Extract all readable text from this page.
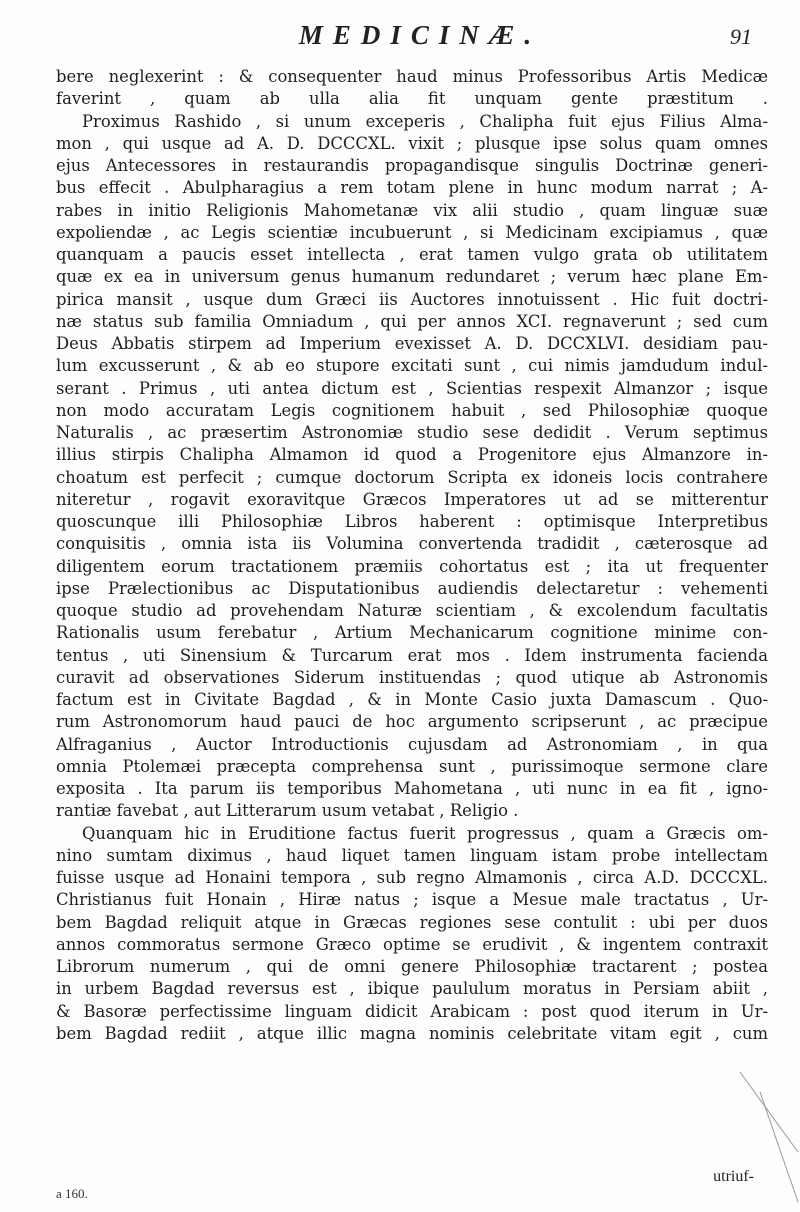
MEDICINÆ.	91
bere neglexerint : & consequenter haud minus Professoribus Artis Medicæ
faverint , quam ab ulla alia fit unquam gente præstitum .
Proximus Rashido , si unum exceperis , Chalipha fuit ejus Filius Alma-
mon , qui usque ad A. D. DCCCXL. vixit ; plusque ipse solus quam omnes
ejus Antecessores in restaurandis propagandisque singulis Doctrinæ generi-
bus effecit . Abulpharagius a rem totam plene in hunc modum narrat ; A-
rabes in initio Religionis Mahometanæ vix alii studio , quam linguæ suæ
expoliendæ , ac Legis scientiæ incubuerunt , si Medicinam excipiamus , quæ
quanquam a paucis esset intellecta , erat tamen vulgo grata ob utilitatem
quæ ex ea in universum genus humanum redundaret ; verum hæc plane Em-
pirica mansit , usque dum Græci iis Auctores innotuissent . Hic fuit doctri-
næ status sub familia Omniadum , qui per annos XCI. regnaverunt ; sed cum
Deus Abbatis stirpem ad Imperium evexisset A. D. DCCXLVI. desidiam pau-
lum excusserunt , & ab eo stupore excitati sunt , cui nimis jamdudum indul-
serant . Primus , uti antea dictum est , Scientias respexit Almanzor ; isque
non modo accuratam Legis cognitionem habuit , sed Philosophiæ quoque
Naturalis , ac præsertim Astronomiæ studio sese dedidit . Verum septimus
illius stirpis Chalipha Almamon id quod a Progenitore ejus Almanzore in-
choatum est perfecit ; cumque doctorum Scripta ex idoneis locis contrahere
niteretur , rogavit exoravitque Græcos Imperatores ut ad se mitterentur
quoscunque illi Philosophiæ Libros haberent : optimisque Interpretibus
conquisitis , omnia ista iis Volumina convertenda tradidit , cæterosque ad
diligentem eorum tractationem præmiis cohortatus est ; ita ut frequenter
ipse Prælectionibus ac Disputationibus audiendis delectaretur : vehementi
quoque studio ad provehendam Naturæ scientiam , & excolendum facultatis
Rationalis usum ferebatur , Artium Mechanicarum cognitione minime con-
tentus , uti Sinensium & Turcarum erat mos . Idem instrumenta facienda
curavit ad observationes Siderum instituendas ; quod utique ab Astronomis
factum est in Civitate Bagdad , & in Monte Casio juxta Damascum . Quo-
rum Astronomorum haud pauci de hoc argumento scripserunt , ac præcipue
Alfraganius , Auctor Introductionis cujusdam ad Astronomiam , in qua
omnia Ptolemæi præcepta comprehensa sunt , purissimoque sermone clare
exposita . Ita parum iis temporibus Mahometana , uti nunc in ea fit , igno-
rantiæ favebat , aut Litterarum usum vetabat , Religio .
Quanquam hic in Eruditione factus fuerit progressus , quam a Græcis om-
nino sumtam diximus , haud liquet tamen linguam istam probe intellectam
fuisse usque ad Honaini tempora , sub regno Almamonis , circa A.D. DCCCXL.
Christianus fuit Honain , Hiræ natus ; isque a Mesue male tractatus , Ur-
bem Bagdad reliquit atque in Græcas regiones sese contulit : ubi per duos
annos commoratus sermone Græco optime se erudivit , & ingentem contraxit
Librorum numerum , qui de omni genere Philosophiæ tractarent ; postea
in urbem Bagdad reversus est , ibique paululum moratus in Persiam abiit ,
& Basoræ perfectissime linguam didicit Arabicam : post quod iterum in Ur-
bem Bagdad rediit , atque illic magna nominis celebritate vitam egit , cum
a 160.
utriuf-
